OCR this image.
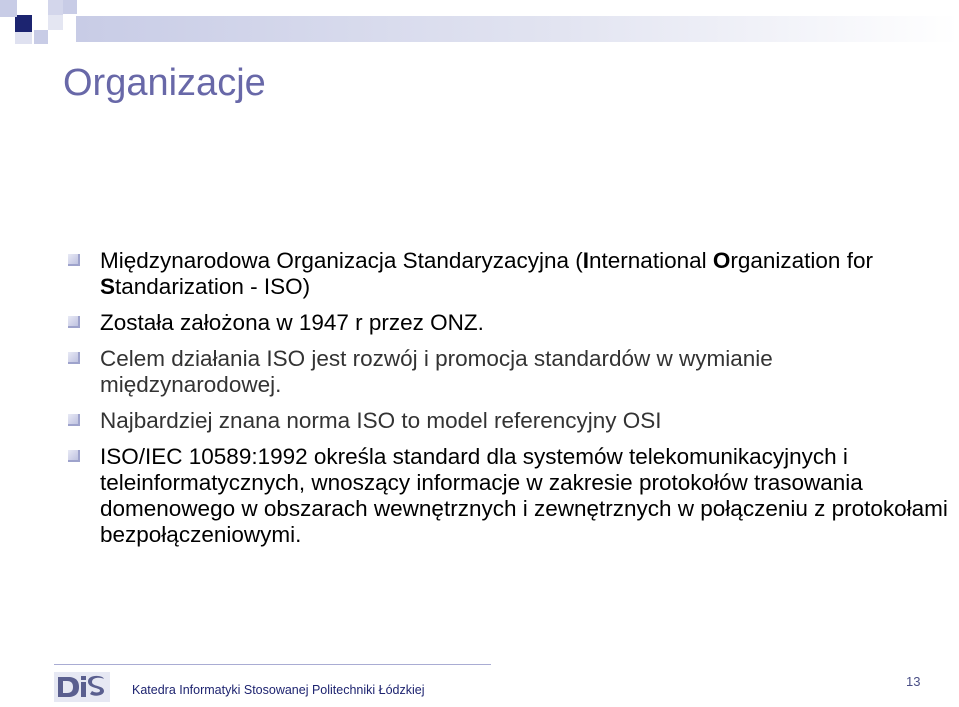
Organizacje
Międzynarodowa Organizacja Standaryzacyjna (International Organization for Standarization - ISO)
Została założona w 1947 r przez ONZ.
Celem działania ISO jest rozwój i promocja standardów w wymianie międzynarodowej.
Najbardziej znana norma ISO to model referencyjny OSI
ISO/IEC 10589:1992 określa standard dla systemów telekomunikacyjnych i teleinformatycznych, wnoszący informacje w zakresie protokołów trasowania domenowego w obszarach wewnętrznych i zewnętrznych w połączeniu z protokołami bezpołączeniowymi.
Katedra Informatyki Stosowanej Politechniki Łódzkiej
13
